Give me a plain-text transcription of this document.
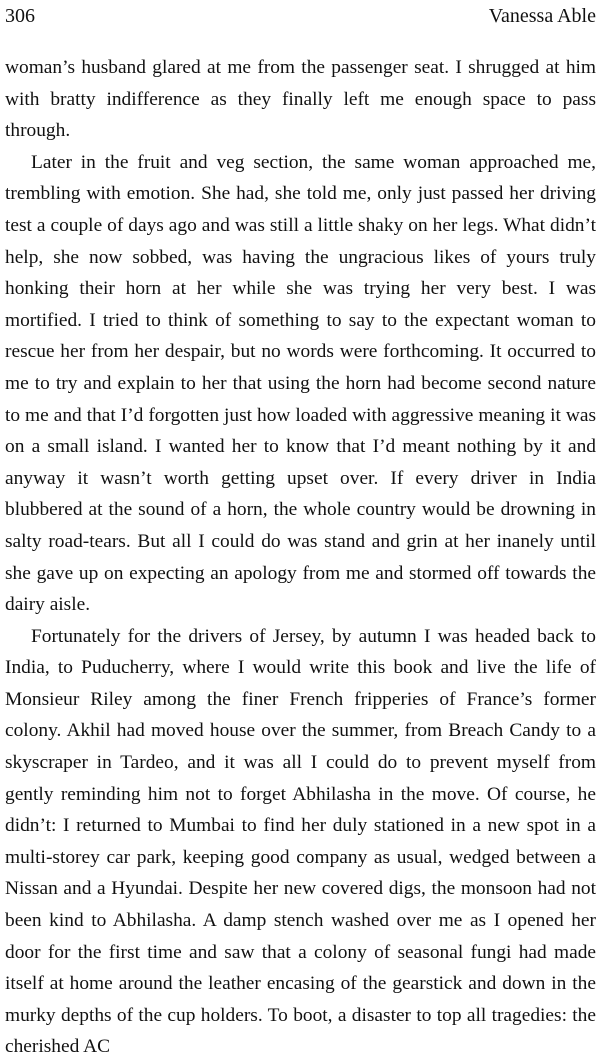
306	Vanessa Able

woman’s husband glared at me from the passenger seat. I shrugged at him with bratty indifference as they finally left me enough space to pass through.

Later in the fruit and veg section, the same woman approached me, trembling with emotion. She had, she told me, only just passed her driving test a couple of days ago and was still a little shaky on her legs. What didn’t help, she now sobbed, was having the ungracious likes of yours truly honking their horn at her while she was trying her very best. I was mortified. I tried to think of something to say to the expectant woman to rescue her from her despair, but no words were forthcoming. It occurred to me to try and explain to her that using the horn had become second nature to me and that I’d forgotten just how loaded with aggressive meaning it was on a small island. I wanted her to know that I’d meant nothing by it and anyway it wasn’t worth getting upset over. If every driver in India blubbered at the sound of a horn, the whole country would be drowning in salty road-tears. But all I could do was stand and grin at her inanely until she gave up on expecting an apology from me and stormed off towards the dairy aisle.

Fortunately for the drivers of Jersey, by autumn I was headed back to India, to Puducherry, where I would write this book and live the life of Monsieur Riley among the finer French fripperies of France’s former colony. Akhil had moved house over the summer, from Breach Candy to a skyscraper in Tardeo, and it was all I could do to prevent myself from gently reminding him not to forget Abhilasha in the move. Of course, he didn’t: I returned to Mumbai to find her duly stationed in a new spot in a multi-storey car park, keeping good company as usual, wedged between a Nissan and a Hyundai. Despite her new covered digs, the monsoon had not been kind to Abhilasha. A damp stench washed over me as I opened her door for the first time and saw that a colony of seasonal fungi had made itself at home around the leather encasing of the gearstick and down in the murky depths of the cup holders. To boot, a disaster to top all tragedies: the cherished AC
